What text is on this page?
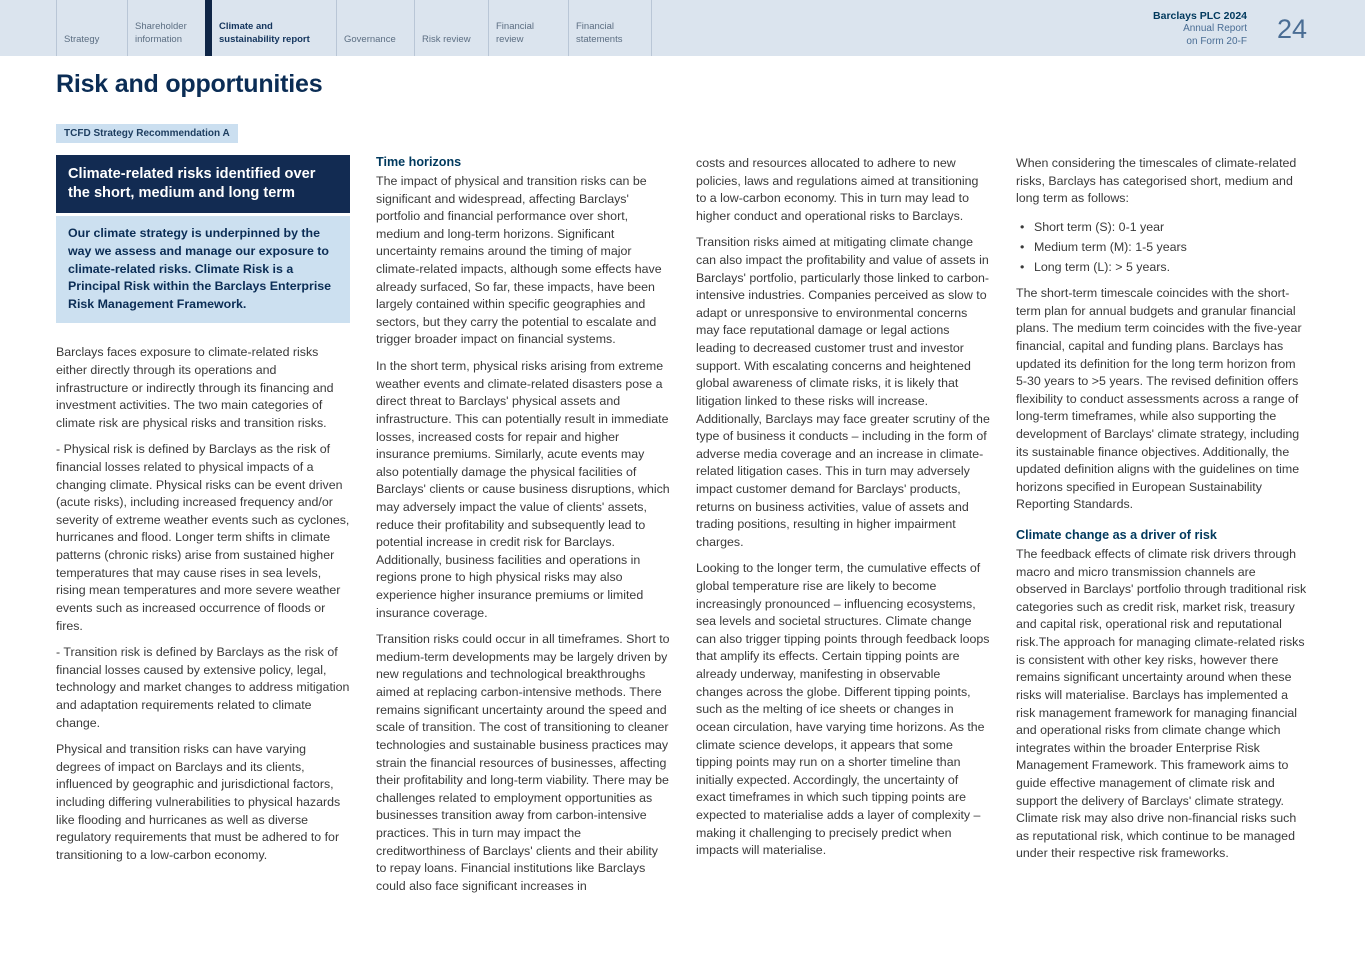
Strategy
Shareholder information
Climate and sustainability report	Governance	Risk review
Financial review
Financial statements
Barclays PLC 2024
Annual Report
on Form 20-F 24
Risk and opportunities
TCFD Strategy Recommendation A
Climate-related risks identified over the short, medium and long term
Our climate strategy is underpinned by the way we assess and manage our exposure to climate-related risks. Climate Risk is a Principal Risk within the Barclays Enterprise Risk Management Framework.

Barclays faces exposure to climate-related risks either directly through its operations and infrastructure or indirectly through its financing and investment activities. The two main categories of climate risk are physical risks and transition risks.

- Physical risk is defined by Barclays as the risk of financial losses related to physical impacts of a changing climate. Physical risks can be event driven (acute risks), including increased frequency and/or severity of extreme weather events such as cyclones, hurricanes and flood. Longer term shifts in climate patterns (chronic risks) arise from sustained higher temperatures that may cause rises in sea levels, rising mean temperatures and more severe weather events such as increased occurrence of floods or fires.

- Transition risk is defined by Barclays as the risk of financial losses caused by extensive policy, legal, technology and market changes to address mitigation and adaptation requirements related to climate change.

Physical and transition risks can have varying degrees of impact on Barclays and its clients, influenced by geographic and jurisdictional factors, including differing vulnerabilities to physical hazards like flooding and hurricanes as well as diverse regulatory requirements that must be adhered to for transitioning to a low-carbon economy.

Time horizons

The impact of physical and transition risks can be significant and widespread, affecting Barclays' portfolio and financial performance over short, medium and long-term horizons. Significant uncertainty remains around the timing of major climate-related impacts, although some effects have already surfaced, So far, these impacts, have been largely contained within specific geographies and sectors, but they carry the potential to escalate and trigger broader impact on financial systems.

In the short term, physical risks arising from extreme weather events and climate-related disasters pose a direct threat to Barclays' physical assets and infrastructure. This can potentially result in immediate losses, increased costs for repair and higher insurance premiums. Similarly, acute events may also potentially damage the physical facilities of Barclays' clients or cause business disruptions, which may adversely impact the value of clients' assets, reduce their profitability and subsequently lead to potential increase in credit risk for Barclays. Additionally, business facilities and operations in regions prone to high physical risks may also experience higher insurance premiums or limited insurance coverage.

Transition risks could occur in all timeframes. Short to medium-term developments may be largely driven by new regulations and technological breakthroughs aimed at replacing carbon-intensive methods. There remains significant uncertainty around the speed and scale of transition. The cost of transitioning to cleaner technologies and sustainable business practices may strain the financial resources of businesses, affecting their profitability and long-term viability. There may be challenges related to employment opportunities as businesses transition away from carbon-intensive practices. This in turn may impact the creditworthiness of Barclays' clients and their ability to repay loans. Financial institutions like Barclays could also face significant increases in

costs and resources allocated to adhere to new policies, laws and regulations aimed at transitioning to a low-carbon economy. This in turn may lead to higher conduct and operational risks to Barclays.

Transition risks aimed at mitigating climate change can also impact the profitability and value of assets in Barclays' portfolio, particularly those linked to carbon-intensive industries. Companies perceived as slow to adapt or unresponsive to environmental concerns may face reputational damage or legal actions leading to decreased customer trust and investor support. With escalating concerns and heightened global awareness of climate risks, it is likely that litigation linked to these risks will increase. Additionally, Barclays may face greater scrutiny of the type of business it conducts – including in the form of adverse media coverage and an increase in climate-related litigation cases. This in turn may adversely impact customer demand for Barclays' products, returns on business activities, value of assets and trading positions, resulting in higher impairment charges.

Looking to the longer term, the cumulative effects of global temperature rise are likely to become increasingly pronounced – influencing ecosystems, sea levels and societal structures. Climate change can also trigger tipping points through feedback loops that amplify its effects. Certain tipping points are already underway, manifesting in observable changes across the globe. Different tipping points, such as the melting of ice sheets or changes in ocean circulation, have varying time horizons. As the climate science develops, it appears that some tipping points may run on a shorter timeline than initially expected. Accordingly, the uncertainty of exact timeframes in which such tipping points are expected to materialise adds a layer of complexity – making it challenging to precisely predict when impacts will materialise.

When considering the timescales of climate-related risks, Barclays has categorised short, medium and long term as follows:

• Short term (S): 0-1 year
• Medium term (M): 1-5 years
• Long term (L): > 5 years.

The short-term timescale coincides with the short-term plan for annual budgets and granular financial plans. The medium term coincides with the five-year financial, capital and funding plans. Barclays has updated its definition for the long term horizon from 5-30 years to >5 years. The revised definition offers flexibility to conduct assessments across a range of long-term timeframes, while also supporting the development of Barclays' climate strategy, including its sustainable finance objectives. Additionally, the updated definition aligns with the guidelines on time horizons specified in European Sustainability Reporting Standards.

Climate change as a driver of risk

The feedback effects of climate risk drivers through macro and micro transmission channels are observed in Barclays' portfolio through traditional risk categories such as credit risk, market risk, treasury and capital risk, operational risk and reputational risk.The approach for managing climate-related risks is consistent with other key risks, however there remains significant uncertainty around when these risks will materialise. Barclays has implemented a risk management framework for managing financial and operational risks from climate change which integrates within the broader Enterprise Risk Management Framework. This framework aims to guide effective management of climate risk and support the delivery of Barclays' climate strategy. Climate risk may also drive non-financial risks such as reputational risk, which continue to be managed under their respective risk frameworks.
